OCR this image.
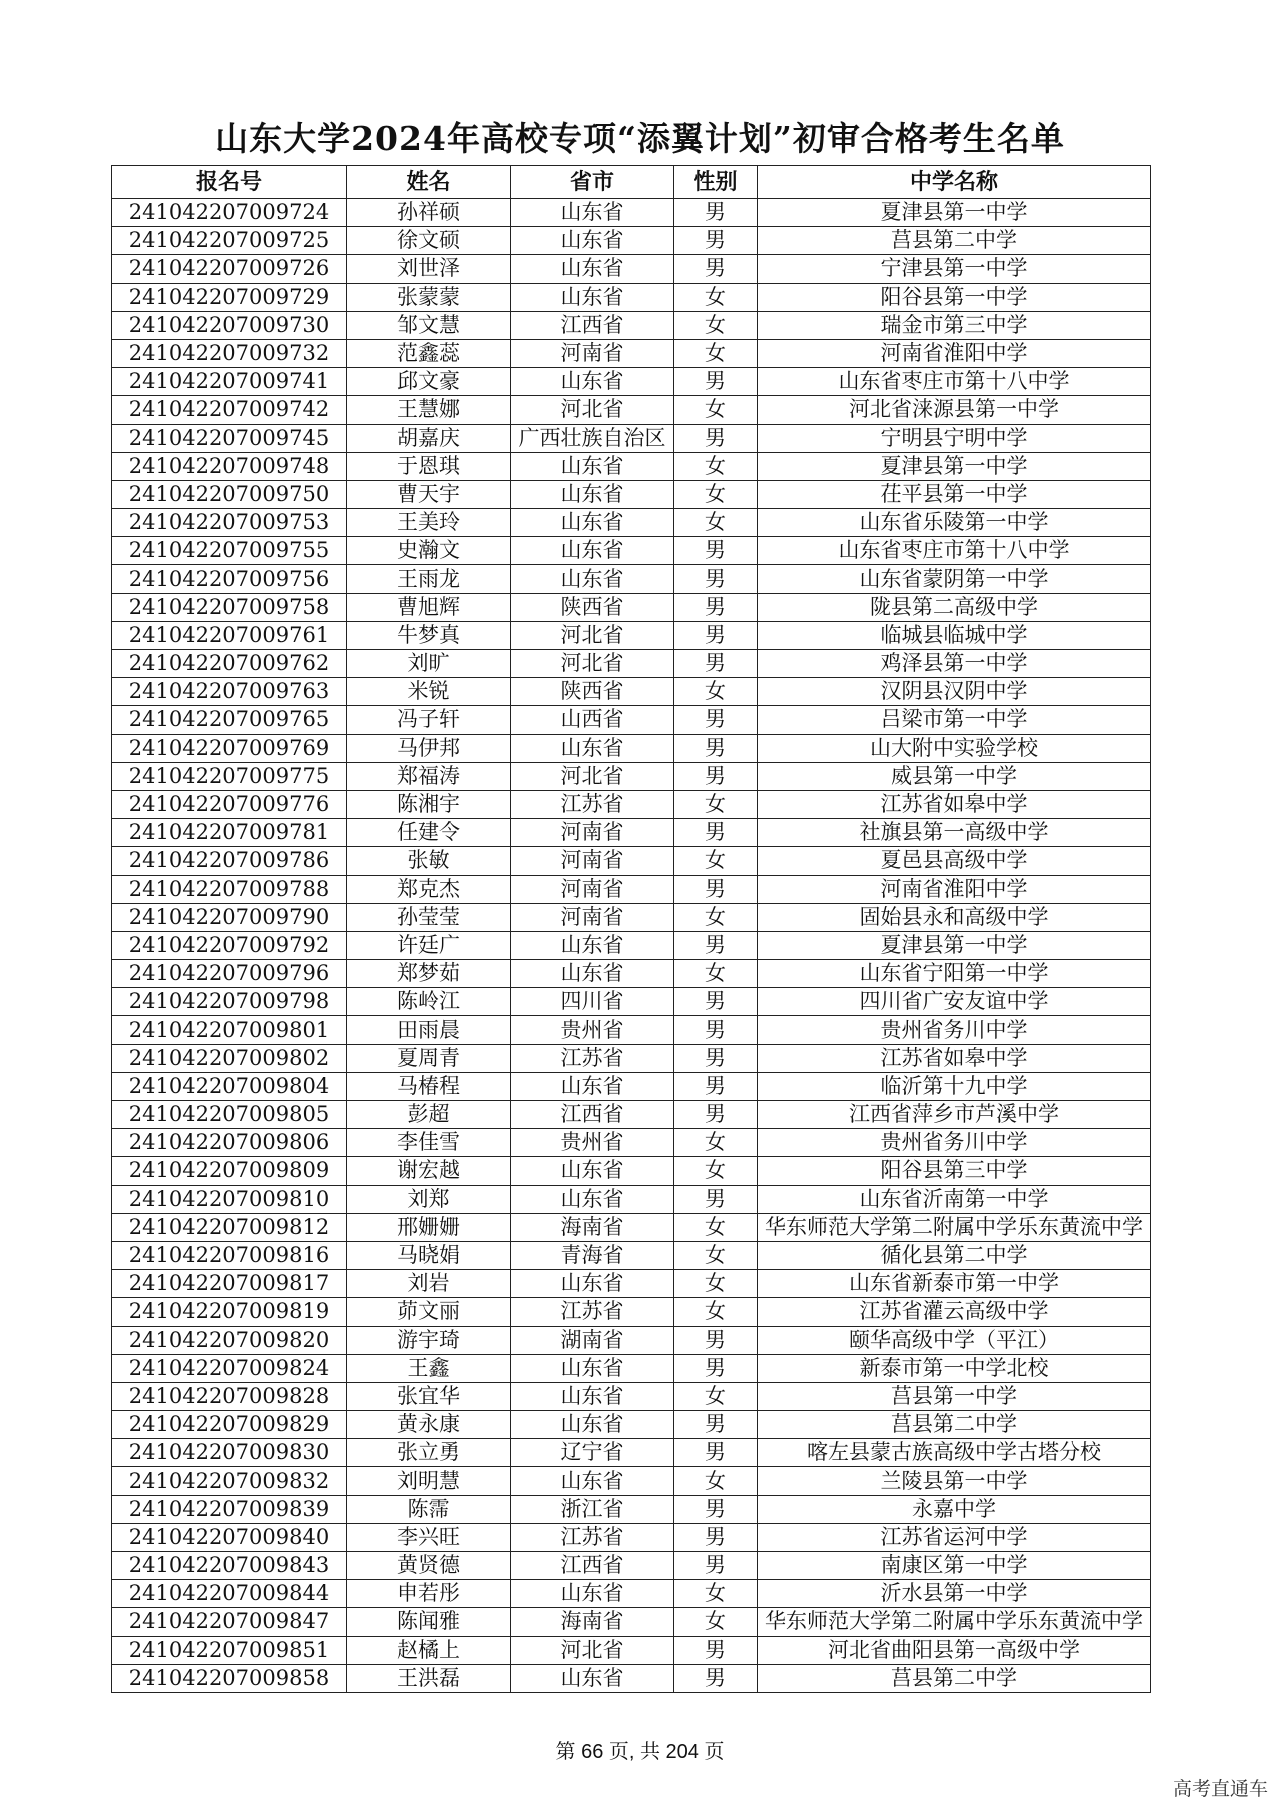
山东大学2024年高校专项“添翼计划”初审合格考生名单
报名号	姓名	省市	性别	中学名称
241042207009724	孙祥硕	山东省	男	夏津县第一中学
241042207009725	徐文硕	山东省	男	莒县第二中学
241042207009726	刘世泽	山东省	男	宁津县第一中学
241042207009729	张蒙蒙	山东省	女	阳谷县第一中学
241042207009730	邹文慧	江西省	女	瑞金市第三中学
241042207009732	范鑫蕊	河南省	女	河南省淮阳中学
241042207009741	邱文豪	山东省	男	山东省枣庄市第十八中学
241042207009742	王慧娜	河北省	女	河北省涞源县第一中学
241042207009745	胡嘉庆	广西壮族自治区	男	宁明县宁明中学
241042207009748	于恩琪	山东省	女	夏津县第一中学
241042207009750	曹天宇	山东省	女	茌平县第一中学
241042207009753	王美玲	山东省	女	山东省乐陵第一中学
241042207009755	史瀚文	山东省	男	山东省枣庄市第十八中学
241042207009756	王雨龙	山东省	男	山东省蒙阴第一中学
241042207009758	曹旭辉	陕西省	男	陇县第二高级中学
241042207009761	牛梦真	河北省	男	临城县临城中学
241042207009762	刘旷	河北省	男	鸡泽县第一中学
241042207009763	米锐	陕西省	女	汉阴县汉阴中学
241042207009765	冯子轩	山西省	男	吕梁市第一中学
241042207009769	马伊邦	山东省	男	山大附中实验学校
241042207009775	郑福涛	河北省	男	威县第一中学
241042207009776	陈湘宇	江苏省	女	江苏省如皋中学
241042207009781	任建令	河南省	男	社旗县第一高级中学
241042207009786	张敏	河南省	女	夏邑县高级中学
241042207009788	郑克杰	河南省	男	河南省淮阳中学
241042207009790	孙莹莹	河南省	女	固始县永和高级中学
241042207009792	许廷广	山东省	男	夏津县第一中学
241042207009796	郑梦茹	山东省	女	山东省宁阳第一中学
241042207009798	陈岭江	四川省	男	四川省广安友谊中学
241042207009801	田雨晨	贵州省	男	贵州省务川中学
241042207009802	夏周青	江苏省	男	江苏省如皋中学
241042207009804	马椿程	山东省	男	临沂第十九中学
241042207009805	彭超	江西省	男	江西省萍乡市芦溪中学
241042207009806	李佳雪	贵州省	女	贵州省务川中学
241042207009809	谢宏越	山东省	女	阳谷县第三中学
241042207009810	刘郑	山东省	男	山东省沂南第一中学
241042207009812	邢姗姗	海南省	女	华东师范大学第二附属中学乐东黄流中学
241042207009816	马晓娟	青海省	女	循化县第二中学
241042207009817	刘岩	山东省	女	山东省新泰市第一中学
241042207009819	茆文丽	江苏省	女	江苏省灌云高级中学
241042207009820	游宇琦	湖南省	男	颐华高级中学（平江）
241042207009824	王鑫	山东省	男	新泰市第一中学北校
241042207009828	张宜华	山东省	女	莒县第一中学
241042207009829	黄永康	山东省	男	莒县第二中学
241042207009830	张立勇	辽宁省	男	喀左县蒙古族高级中学古塔分校
241042207009832	刘明慧	山东省	女	兰陵县第一中学
241042207009839	陈霈	浙江省	男	永嘉中学
241042207009840	李兴旺	江苏省	男	江苏省运河中学
241042207009843	黄贤德	江西省	男	南康区第一中学
241042207009844	申若彤	山东省	女	沂水县第一中学
241042207009847	陈闻雅	海南省	女	华东师范大学第二附属中学乐东黄流中学
241042207009851	赵橘上	河北省	男	河北省曲阳县第一高级中学
241042207009858	王洪磊	山东省	男	莒县第二中学
第 66 页, 共 204 页
高考直通车
